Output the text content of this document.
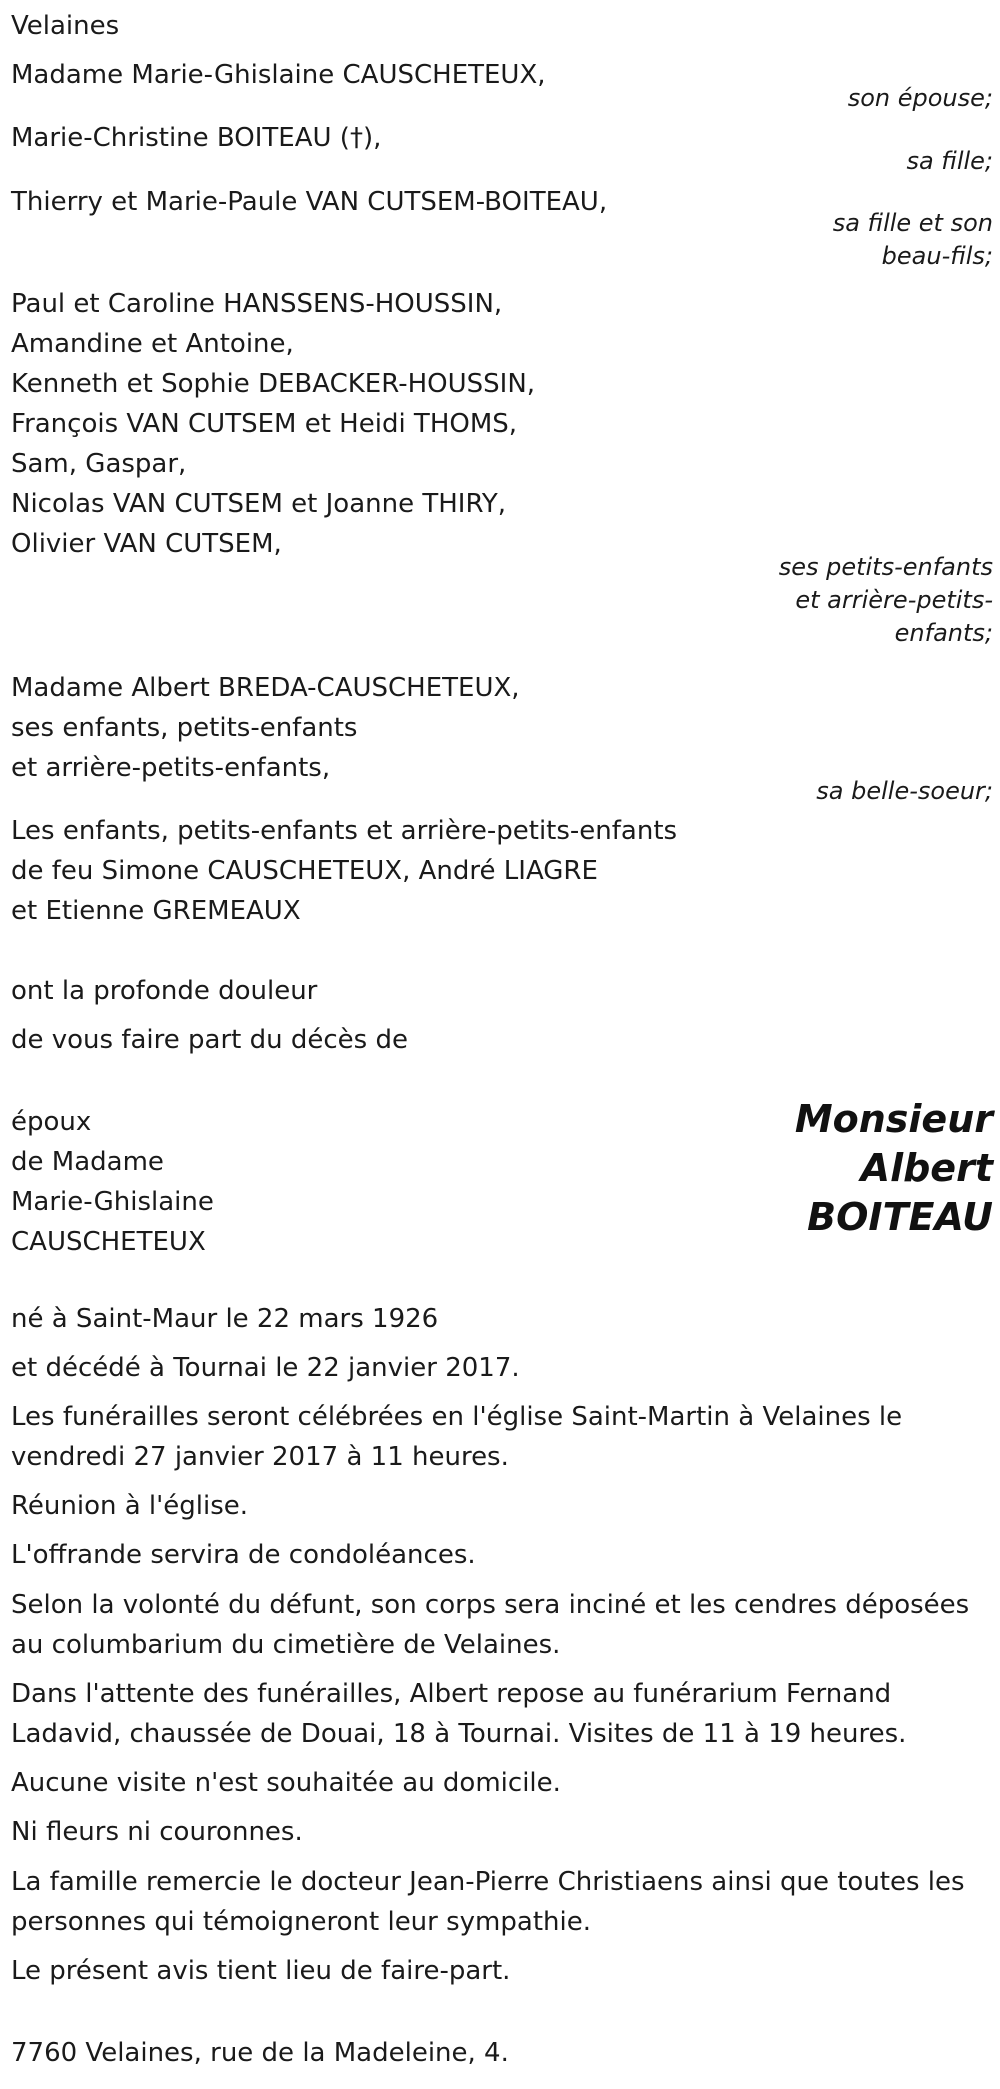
Velaines
Madame Marie-Ghislaine CAUSCHETEUX,
son épouse;
Marie-Christine BOITEAU (†),
sa fille;
Thierry et Marie-Paule VAN CUTSEM-BOITEAU,
sa fille et son
beau-fils;
Paul et Caroline HANSSENS-HOUSSIN,
Amandine et Antoine,
Kenneth et Sophie DEBACKER-HOUSSIN,
François VAN CUTSEM et Heidi THOMS,
Sam, Gaspar,
Nicolas VAN CUTSEM et Joanne THIRY,
Olivier VAN CUTSEM,
ses petits-enfants
et arrière-petits-
enfants;
Madame Albert BREDA-CAUSCHETEUX,
ses enfants, petits-enfants
et arrière-petits-enfants,
sa belle-soeur;
Les enfants, petits-enfants et arrière-petits-enfants
de feu Simone CAUSCHETEUX, André LIAGRE
et Etienne GREMEAUX
ont la profonde douleur
de vous faire part du décès de
époux
de Madame
Marie-Ghislaine
CAUSCHETEUX
Monsieur
Albert
BOITEAU
né à Saint-Maur le 22 mars 1926
et décédé à Tournai le 22 janvier 2017.
Les funérailles seront célébrées en l'église Saint-Martin à Velaines le vendredi 27 janvier 2017 à 11 heures.
Réunion à l'église.
L'offrande servira de condoléances.
Selon la volonté du défunt, son corps sera inciné et les cendres déposées au columbarium du cimetière de Velaines.
Dans l'attente des funérailles, Albert repose au funérarium Fernand Ladavid, chaussée de Douai, 18 à Tournai. Visites de 11 à 19 heures.
Aucune visite n'est souhaitée au domicile.
Ni fleurs ni couronnes.
La famille remercie le docteur Jean-Pierre Christiaens ainsi que toutes les personnes qui témoigneront leur sympathie.
Le présent avis tient lieu de faire-part.
7760 Velaines, rue de la Madeleine, 4.
